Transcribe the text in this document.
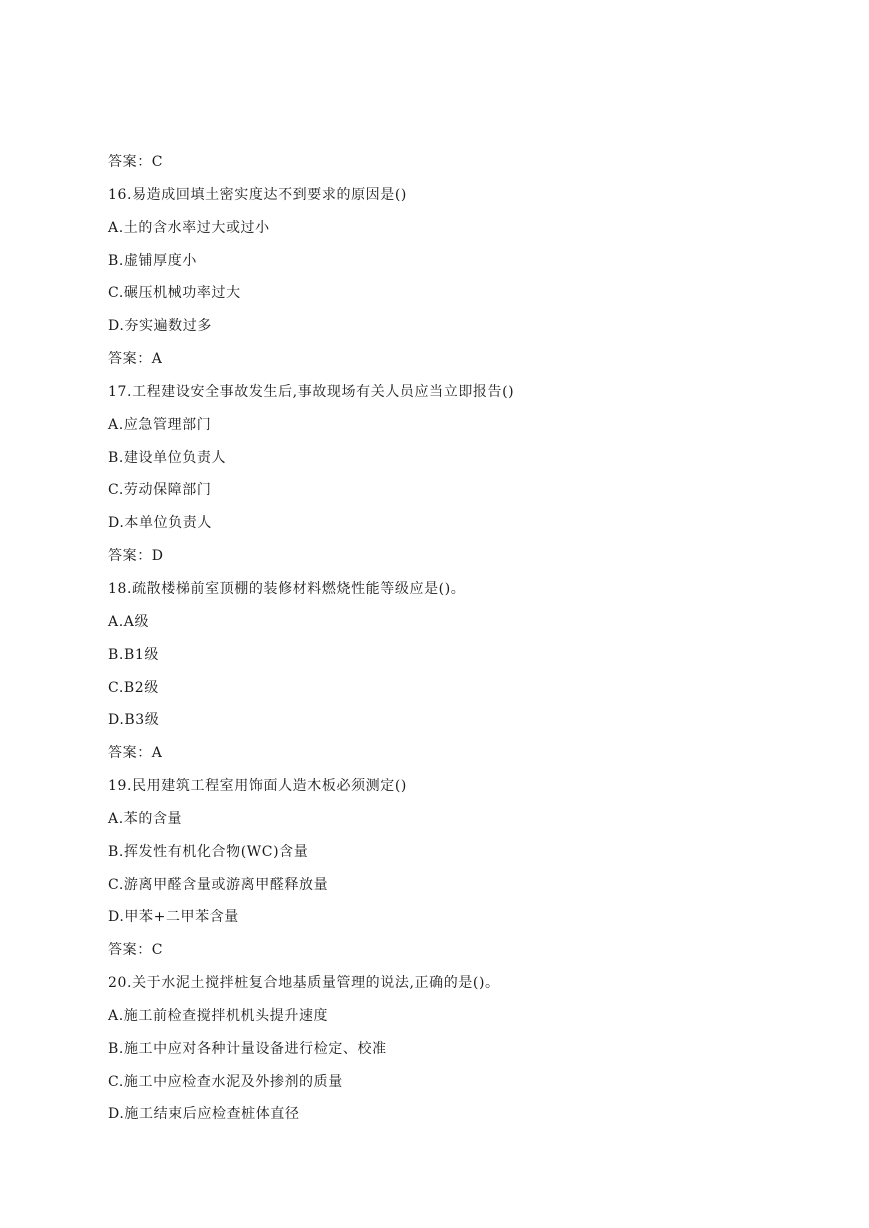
答案：C
16.易造成回填土密实度达不到要求的原因是()
A.土的含水率过大或过小
B.虚铺厚度小
C.碾压机械功率过大
D.夯实遍数过多
答案：A
17.工程建设安全事故发生后,事故现场有关人员应当立即报告()
A.应急管理部门
B.建设单位负责人
C.劳动保障部门
D.本单位负责人
答案：D
18.疏散楼梯前室顶棚的装修材料燃烧性能等级应是()。
A.A级
B.B1级
C.B2级
D.B3级
答案：A
19.民用建筑工程室用饰面人造木板必须测定()
A.苯的含量
B.挥发性有机化合物(WC)含量
C.游离甲醛含量或游离甲醛释放量
D.甲苯+二甲苯含量
答案：C
20.关于水泥土搅拌桩复合地基质量管理的说法,正确的是()。
A.施工前检查搅拌机机头提升速度
B.施工中应对各种计量设备进行检定、校准
C.施工中应检查水泥及外掺剂的质量
D.施工结束后应检查桩体直径
